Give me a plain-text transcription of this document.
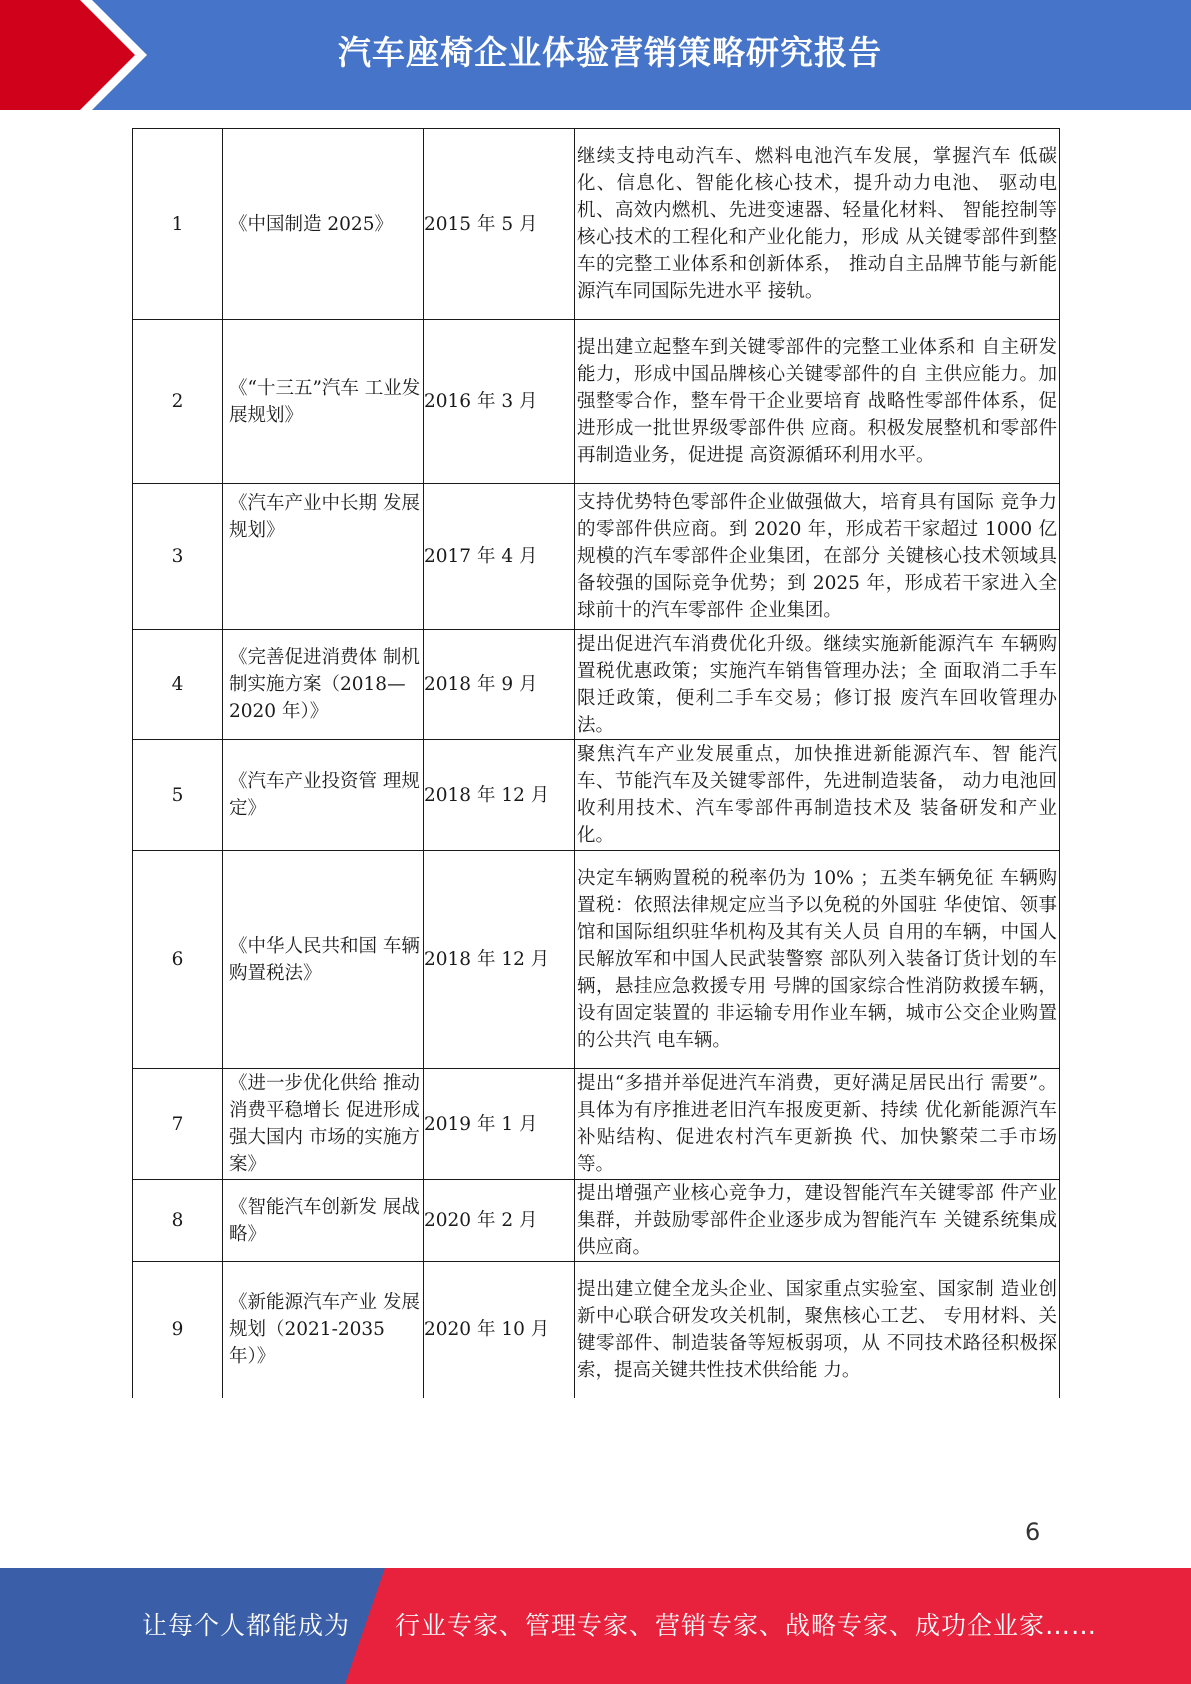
汽车座椅企业体验营销策略研究报告
1	《中国制造 2025》	2015 年 5 月	继续支持电动汽车、燃料电池汽车发展，掌握汽车 低碳化、信息化、智能化核心技术，提升动力电池、 驱动电机、高效内燃机、先进变速器、轻量化材料、 智能控制等核心技术的工程化和产业化能力，形成 从关键零部件到整车的完整工业体系和创新体系， 推动自主品牌节能与新能源汽车同国际先进水平 接轨。
2	《“十三五”汽车 工业发展规划》	2016 年 3 月	提出建立起整车到关键零部件的完整工业体系和 自主研发能力，形成中国品牌核心关键零部件的自 主供应能力。加强整零合作，整车骨干企业要培育 战略性零部件体系，促进形成一批世界级零部件供 应商。积极发展整机和零部件再制造业务，促进提 高资源循环利用水平。
3	《汽车产业中长期 发展规划》	2017 年 4 月	支持优势特色零部件企业做强做大，培育具有国际 竞争力的零部件供应商。到 2020 年，形成若干家超过 1000 亿规模的汽车零部件企业集团，在部分 关键核心技术领域具备较强的国际竞争优势；到 2025 年，形成若干家进入全球前十的汽车零部件 企业集团。
4	《完善促进消费体 制机制实施方案（2018—2020 年）》	2018 年 9 月	提出促进汽车消费优化升级。继续实施新能源汽车 车辆购置税优惠政策；实施汽车销售管理办法；全 面取消二手车限迁政策，便利二手车交易；修订报 废汽车回收管理办法。
5	《汽车产业投资管 理规定》	2018 年 12 月	聚焦汽车产业发展重点，加快推进新能源汽车、智 能汽车、节能汽车及关键零部件，先进制造装备， 动力电池回收利用技术、汽车零部件再制造技术及 装备研发和产业化。
6	《中华人民共和国 车辆购置税法》	2018 年 12 月	决定车辆购置税的税率仍为 10% ；五类车辆免征 车辆购置税：依照法律规定应当予以免税的外国驻 华使馆、领事馆和国际组织驻华机构及其有关人员 自用的车辆，中国人民解放军和中国人民武装警察 部队列入装备订货计划的车辆，悬挂应急救援专用 号牌的国家综合性消防救援车辆，设有固定装置的 非运输专用作业车辆，城市公交企业购置的公共汽 电车辆。
7	《进一步优化供给 推动消费平稳增长 促进形成强大国内 市场的实施方案》	2019 年 1 月	提出“多措并举促进汽车消费，更好满足居民出行 需要”。具体为有序推进老旧汽车报废更新、持续 优化新能源汽车补贴结构、促进农村汽车更新换 代、加快繁荣二手市场等。
8	《智能汽车创新发 展战略》	2020 年 2 月	提出增强产业核心竞争力，建设智能汽车关键零部 件产业集群，并鼓励零部件企业逐步成为智能汽车 关键系统集成供应商。
9	《新能源汽车产业 发展规划（2021-2035 年）》	2020 年 10 月	提出建立健全龙头企业、国家重点实验室、国家制 造业创新中心联合研发攻关机制，聚焦核心工艺、 专用材料、关键零部件、制造装备等短板弱项，从 不同技术路径积极探索，提高关键共性技术供给能 力。
6
让每个人都能成为 行业专家、管理专家、营销专家、战略专家、成功企业家……
